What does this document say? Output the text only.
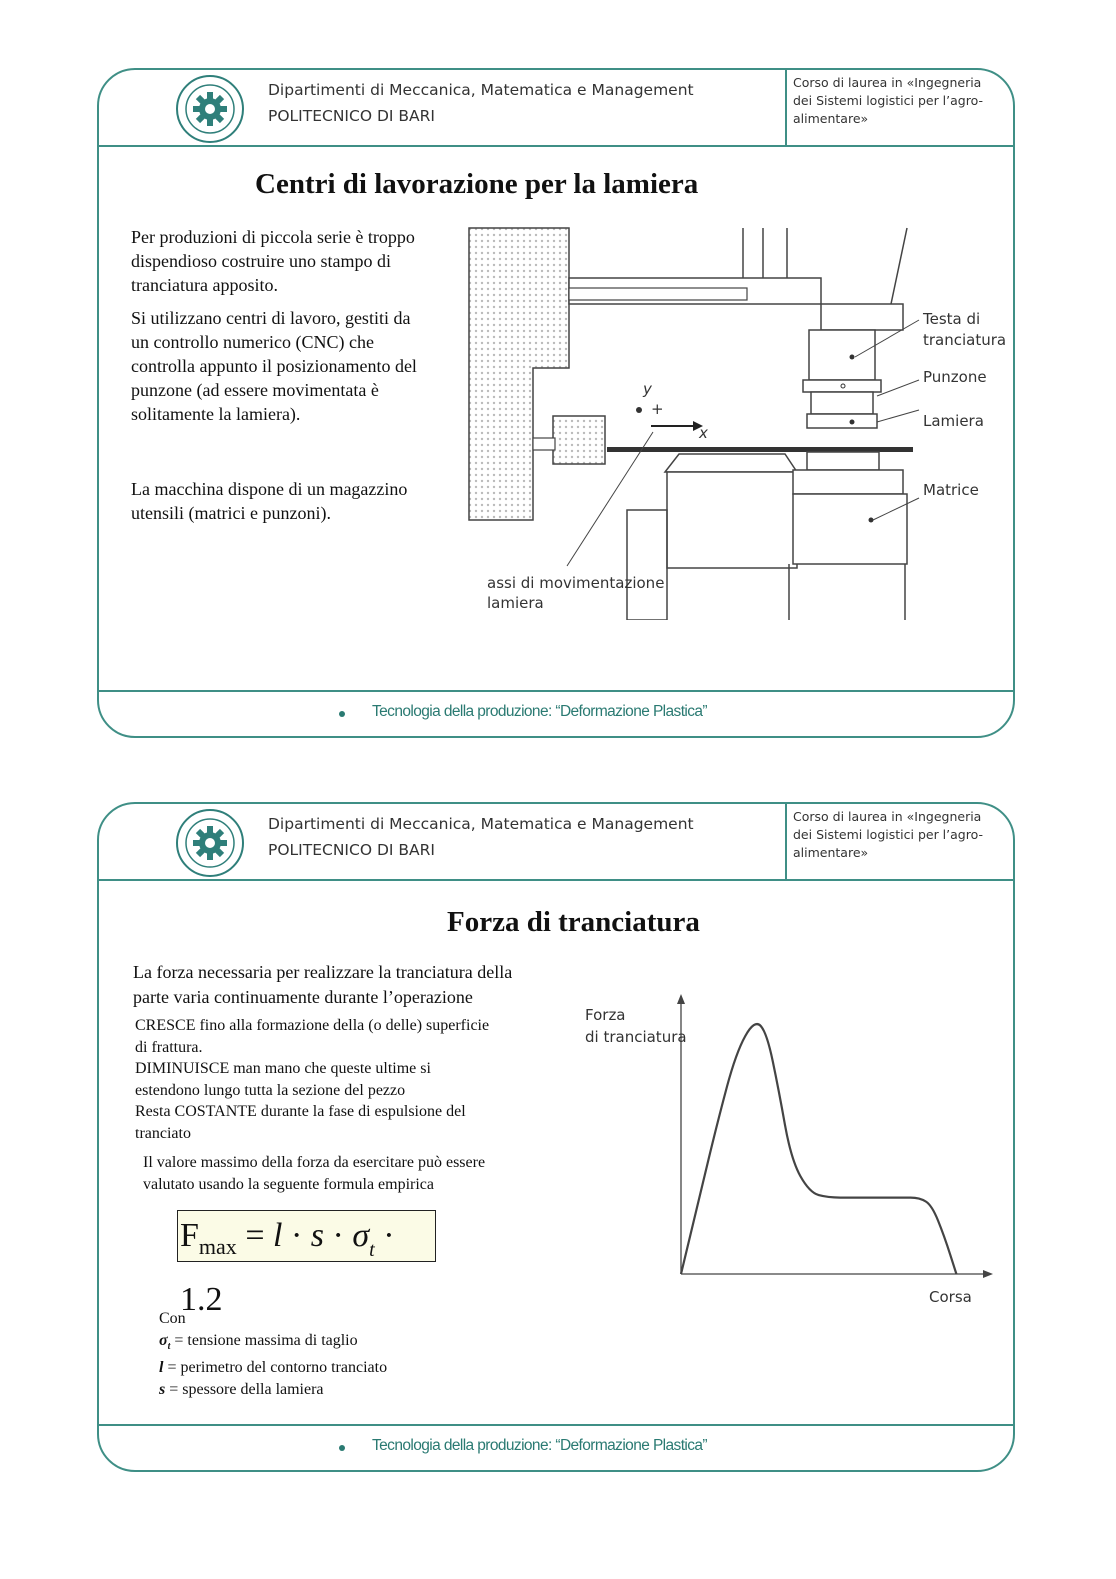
Dipartimenti di Meccanica, Matematica e Management
POLITECNICO DI BARI
Corso di laurea in «Ingegneria
dei Sistemi logistici per l’agro-
alimentare»
Centri di lavorazione per la lamiera
Per produzioni di piccola serie è troppo
dispendioso costruire uno stampo di
tranciatura apposito.
Si utilizzano centri di lavoro, gestiti da
un controllo numerico (CNC) che
controlla appunto il posizionamento del
punzone (ad essere movimentata è
solitamente la lamiera).
La macchina dispone di un magazzino
utensili (matrici e punzoni).
y
+
x
Testa di
tranciatura
Punzone
Lamiera
Matrice
assi di movimentazione
lamiera
Tecnologia della produzione: “Deformazione Plastica”
Dipartimenti di Meccanica, Matematica e Management
POLITECNICO DI BARI
Corso di laurea in «Ingegneria
dei Sistemi logistici per l’agro-
alimentare»
Forza di tranciatura
La forza necessaria per realizzare la tranciatura della
parte varia continuamente durante l’operazione
CRESCE fino alla formazione della (o delle) superficie
di frattura.
DIMINUISCE man mano che queste ultime si
estendono lungo tutta la sezione del pezzo
Resta COSTANTE durante la fase di espulsione del
tranciato
Il valore massimo della forza da esercitare può essere
valutato usando la seguente formula empirica
$F_{max} = l \cdot s \cdot \sigma_t \cdot 1.2$
Con
$\sigma_t$ = tensione massima di taglio
l = perimetro del contorno tranciato
s = spessore della lamiera
Forza
di tranciatura
Corsa
Tecnologia della produzione: “Deformazione Plastica”
